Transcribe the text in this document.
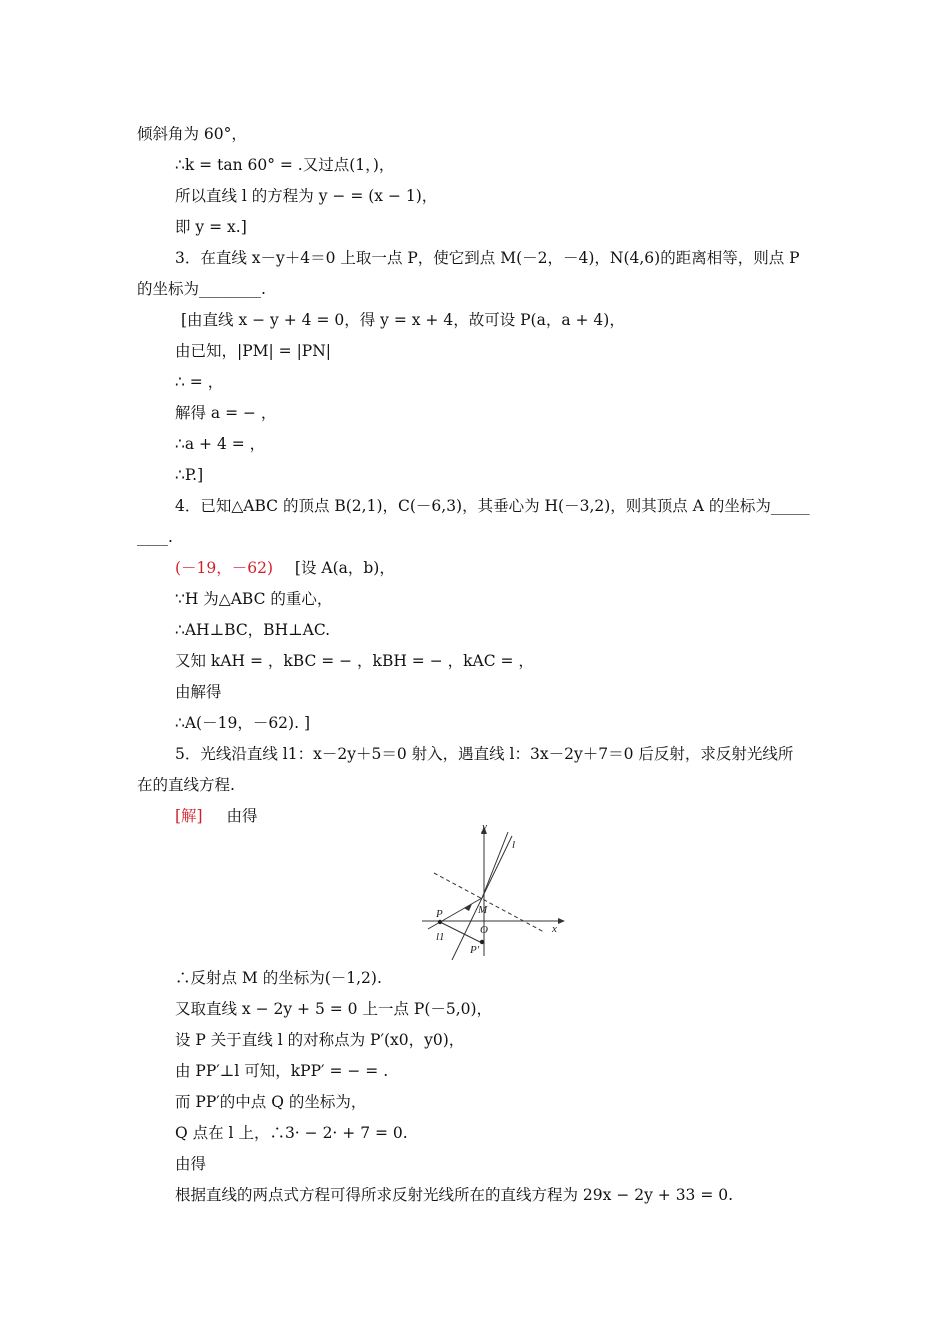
倾斜角为 60°，
∴k = tan 60° = .又过点(1，)，
所以直线 l 的方程为 y − = (x − 1)，
即 y = x.]
3．在直线 x－y＋4＝0 上取一点 P，使它到点 M(－2，－4)，N(4,6)的距离相等，则点 P
的坐标为________.
[由直线 x − y + 4 = 0，得 y = x + 4，故可设 P(a，a + 4)，
由已知，|PM| = |PN|
∴ = ，
解得 a = − ，
∴a + 4 = ，
∴P.]
4．已知△ABC 的顶点 B(2,1)，C(－6,3)，其垂心为 H(－3,2)，则其顶点 A 的坐标为_____
____.
(－19，－62) [设 A(a，b)，
∵H 为△ABC 的重心，
∴AH⊥BC，BH⊥AC.
又知 kAH = ，kBC = − ，kBH = − ，kAC = ，
由解得
∴A(－19，－62). ]
5．光线沿直线 l1：x－2y＋5＝0 射入，遇直线 l：3x－2y＋7＝0 后反射，求反射光线所
在的直线方程.
[解] 由得
y
l
M
P
O	x
l1
P′
∴反射点 M 的坐标为(－1,2).
又取直线 x − 2y + 5 = 0 上一点 P(－5,0)，
设 P 关于直线 l 的对称点为 P′(x0，y0)，
由 PP′⊥l 可知，kPP′ = − = .
而 PP′的中点 Q 的坐标为，
Q 点在 l 上，∴3· − 2· + 7 = 0.
由得
根据直线的两点式方程可得所求反射光线所在的直线方程为 29x − 2y + 33 = 0.
